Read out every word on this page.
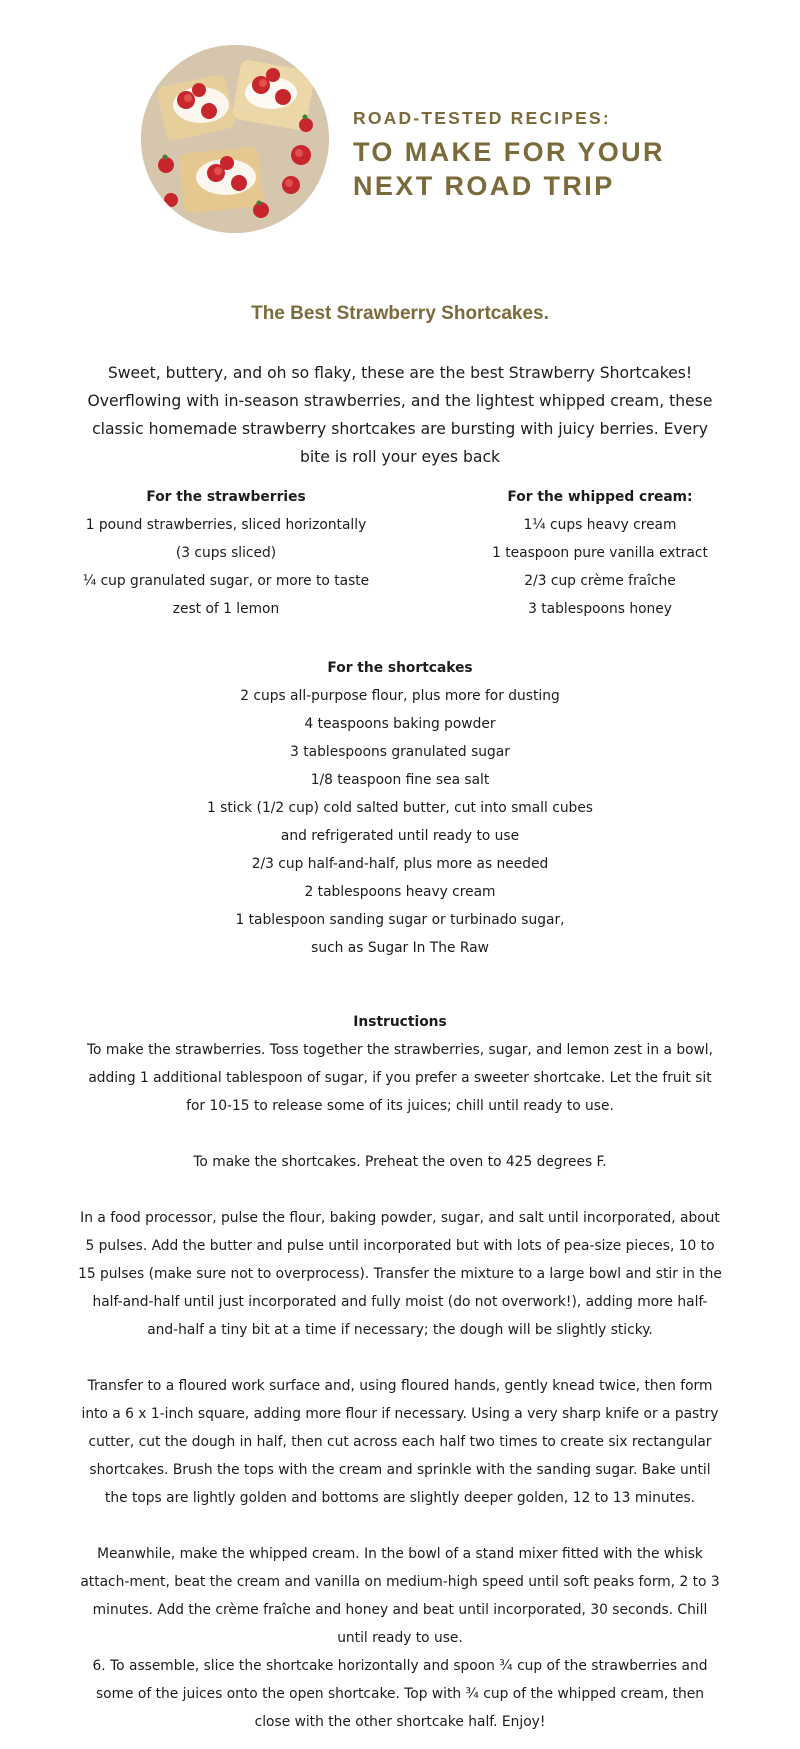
ROAD-TESTED RECIPES:
TO MAKE FOR YOUR
NEXT ROAD TRIP
The Best Strawberry Shortcakes.
Sweet, buttery, and oh so flaky, these are the best Strawberry Shortcakes! Overflowing with in-season strawberries, and the lightest whipped cream, these classic homemade strawberry shortcakes are bursting with juicy berries. Every bite is roll your eyes back
For the strawberries
1 pound strawberries, sliced horizontally
(3 cups sliced)
¼ cup granulated sugar, or more to taste
zest of 1 lemon
For the whipped cream:
1¼ cups heavy cream
1 teaspoon pure vanilla extract
2/3 cup crème fraîche
3 tablespoons honey
For the shortcakes
2 cups all-purpose flour, plus more for dusting
4 teaspoons baking powder
3 tablespoons granulated sugar
1/8 teaspoon fine sea salt
1 stick (1/2 cup) cold salted butter, cut into small cubes
and refrigerated until ready to use
2/3 cup half-and-half, plus more as needed
2 tablespoons heavy cream
1 tablespoon sanding sugar or turbinado sugar,
such as Sugar In The Raw
Instructions
To make the strawberries. Toss together the strawberries, sugar, and lemon zest in a bowl, adding 1 additional tablespoon of sugar, if you prefer a sweeter shortcake. Let the fruit sit for 10-15 to release some of its juices; chill until ready to use.
To make the shortcakes. Preheat the oven to 425 degrees F.
In a food processor, pulse the flour, baking powder, sugar, and salt until incorporated, about 5 pulses. Add the butter and pulse until incorporated but with lots of pea-size pieces, 10 to 15 pulses (make sure not to overprocess). Transfer the mixture to a large bowl and stir in the half-and-half until just incorporated and fully moist (do not overwork!), adding more half-and-half a tiny bit at a time if necessary; the dough will be slightly sticky.
Transfer to a floured work surface and, using floured hands, gently knead twice, then form into a 6 x 1-inch square, adding more flour if necessary. Using a very sharp knife or a pastry cutter, cut the dough in half, then cut across each half two times to create six rectangular shortcakes. Brush the tops with the cream and sprinkle with the sanding sugar. Bake until the tops are lightly golden and bottoms are slightly deeper golden, 12 to 13 minutes.
Meanwhile, make the whipped cream. In the bowl of a stand mixer fitted with the whisk attach-ment, beat the cream and vanilla on medium-high speed until soft peaks form, 2 to 3 minutes. Add the crème fraîche and honey and beat until incorporated, 30 seconds. Chill until ready to use.
6. To assemble, slice the shortcake horizontally and spoon ¾ cup of the strawberries and some of the juices onto the open shortcake. Top with ¾ cup of the whipped cream, then close with the other shortcake half. Enjoy!
